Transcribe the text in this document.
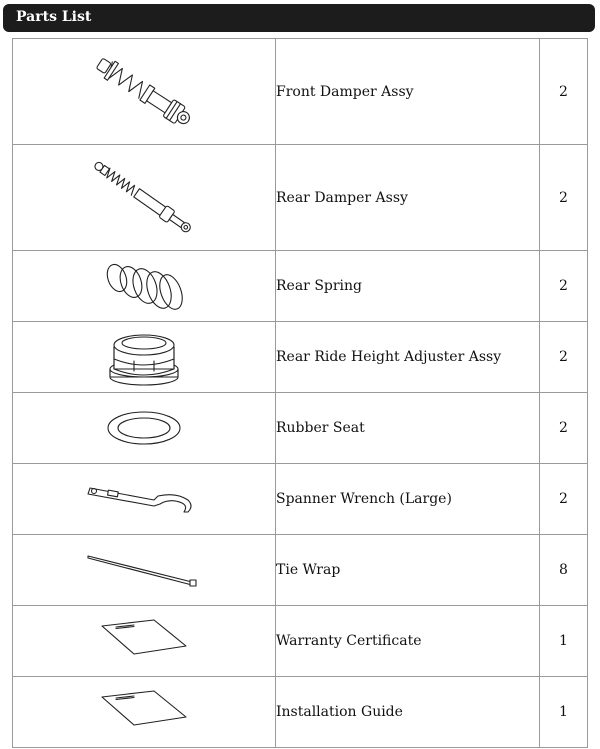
Parts List
	Front Damper Assy	2

	Rear Damper Assy	2

	Rear Spring	2

	Rear Ride Height Adjuster Assy	2

	Rubber Seat	2

	Spanner Wrench (Large)	2

	Tie Wrap	8

	Warranty Certificate	1

	Installation Guide	1
